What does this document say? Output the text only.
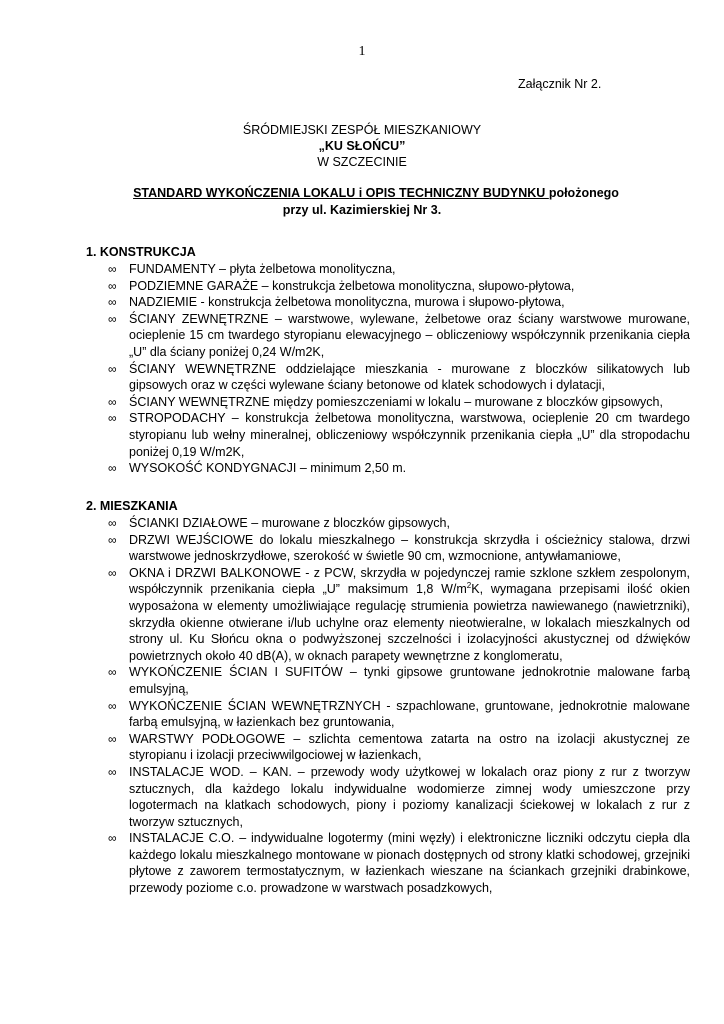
1
Załącznik Nr 2.
ŚRÓDMIEJSKI ZESPÓŁ MIESZKANIOWY
„KU SŁOŃCU”
W SZCZECINIE
STANDARD WYKOŃCZENIA LOKALU i OPIS TECHNICZNY BUDYNKU położonego
przy ul. Kazimierskiej Nr 3.
1. KONSTRUKCJA
∞ FUNDAMENTY – płyta żelbetowa monolityczna,
∞ PODZIEMNE GARAŻE – konstrukcja żelbetowa monolityczna, słupowo-płytowa,
∞ NADZIEMIE - konstrukcja żelbetowa monolityczna, murowa i słupowo-płytowa,
∞ ŚCIANY ZEWNĘTRZNE – warstwowe, wylewane, żelbetowe oraz ściany warstwowe murowane, ocieplenie 15 cm twardego styropianu elewacyjnego – obliczeniowy współczynnik przenikania ciepła „U” dla ściany poniżej 0,24 W/m2K,
∞ ŚCIANY WEWNĘTRZNE oddzielające mieszkania - murowane z bloczków silikatowych lub gipsowych oraz w części wylewane ściany betonowe od klatek schodowych i dylatacji,
∞ ŚCIANY WEWNĘTRZNE między pomieszczeniami w lokalu – murowane z bloczków gipsowych,
∞ STROPODACHY – konstrukcja żelbetowa monolityczna, warstwowa, ocieplenie 20 cm twardego styropianu lub wełny mineralnej, obliczeniowy współczynnik przenikania ciepła „U” dla stropodachu poniżej 0,19 W/m2K,
∞ WYSOKOŚĆ KONDYGNACJI – minimum 2,50 m.
2. MIESZKANIA
∞ ŚCIANKI DZIAŁOWE – murowane z bloczków gipsowych,
∞ DRZWI WEJŚCIOWE do lokalu mieszkalnego – konstrukcja skrzydła i ościeżnicy stalowa, drzwi warstwowe jednoskrzydłowe, szerokość w świetle 90 cm, wzmocnione, antywłamaniowe,
∞ OKNA i DRZWI BALKONOWE - z PCW, skrzydła w pojedynczej ramie szklone szkłem zespolonym, współczynnik przenikania ciepła „U” maksimum 1,8 $W/m^2K$, wymagana przepisami ilość okien wyposażona w elementy umożliwiające regulację strumienia powietrza nawiewanego (nawietrzniki), skrzydła okienne otwierane i/lub uchylne oraz elementy nieotwieralne, w lokalach mieszkalnych od strony ul. Ku Słońcu okna o podwyższonej szczelności i izolacyjności akustycznej od dźwięków powietrznych około 40 dB(A), w oknach parapety wewnętrzne z konglomeratu,
∞ WYKOŃCZENIE ŚCIAN I SUFITÓW – tynki gipsowe gruntowane jednokrotnie malowane farbą emulsyjną,
∞ WYKOŃCZENIE ŚCIAN WEWNĘTRZNYCH - szpachlowane, gruntowane, jednokrotnie malowane farbą emulsyjną, w łazienkach bez gruntowania,
∞ WARSTWY PODŁOGOWE – szlichta cementowa zatarta na ostro na izolacji akustycznej ze styropianu i izolacji przeciwwilgociowej w łazienkach,
∞ INSTALACJE WOD. – KAN. – przewody wody użytkowej w lokalach oraz piony z rur z tworzyw sztucznych, dla każdego lokalu indywidualne wodomierze zimnej wody umieszczone przy logotermach na klatkach schodowych, piony i poziomy kanalizacji ściekowej w lokalach z rur z tworzyw sztucznych,
∞ INSTALACJE C.O. – indywidualne logotermy (mini węzły) i elektroniczne liczniki odczytu ciepła dla każdego lokalu mieszkalnego montowane w pionach dostępnych od strony klatki schodowej, grzejniki płytowe z zaworem termostatycznym, w łazienkach wieszane na ściankach grzejniki drabinkowe, przewody poziome c.o. prowadzone w warstwach posadzkowych,
